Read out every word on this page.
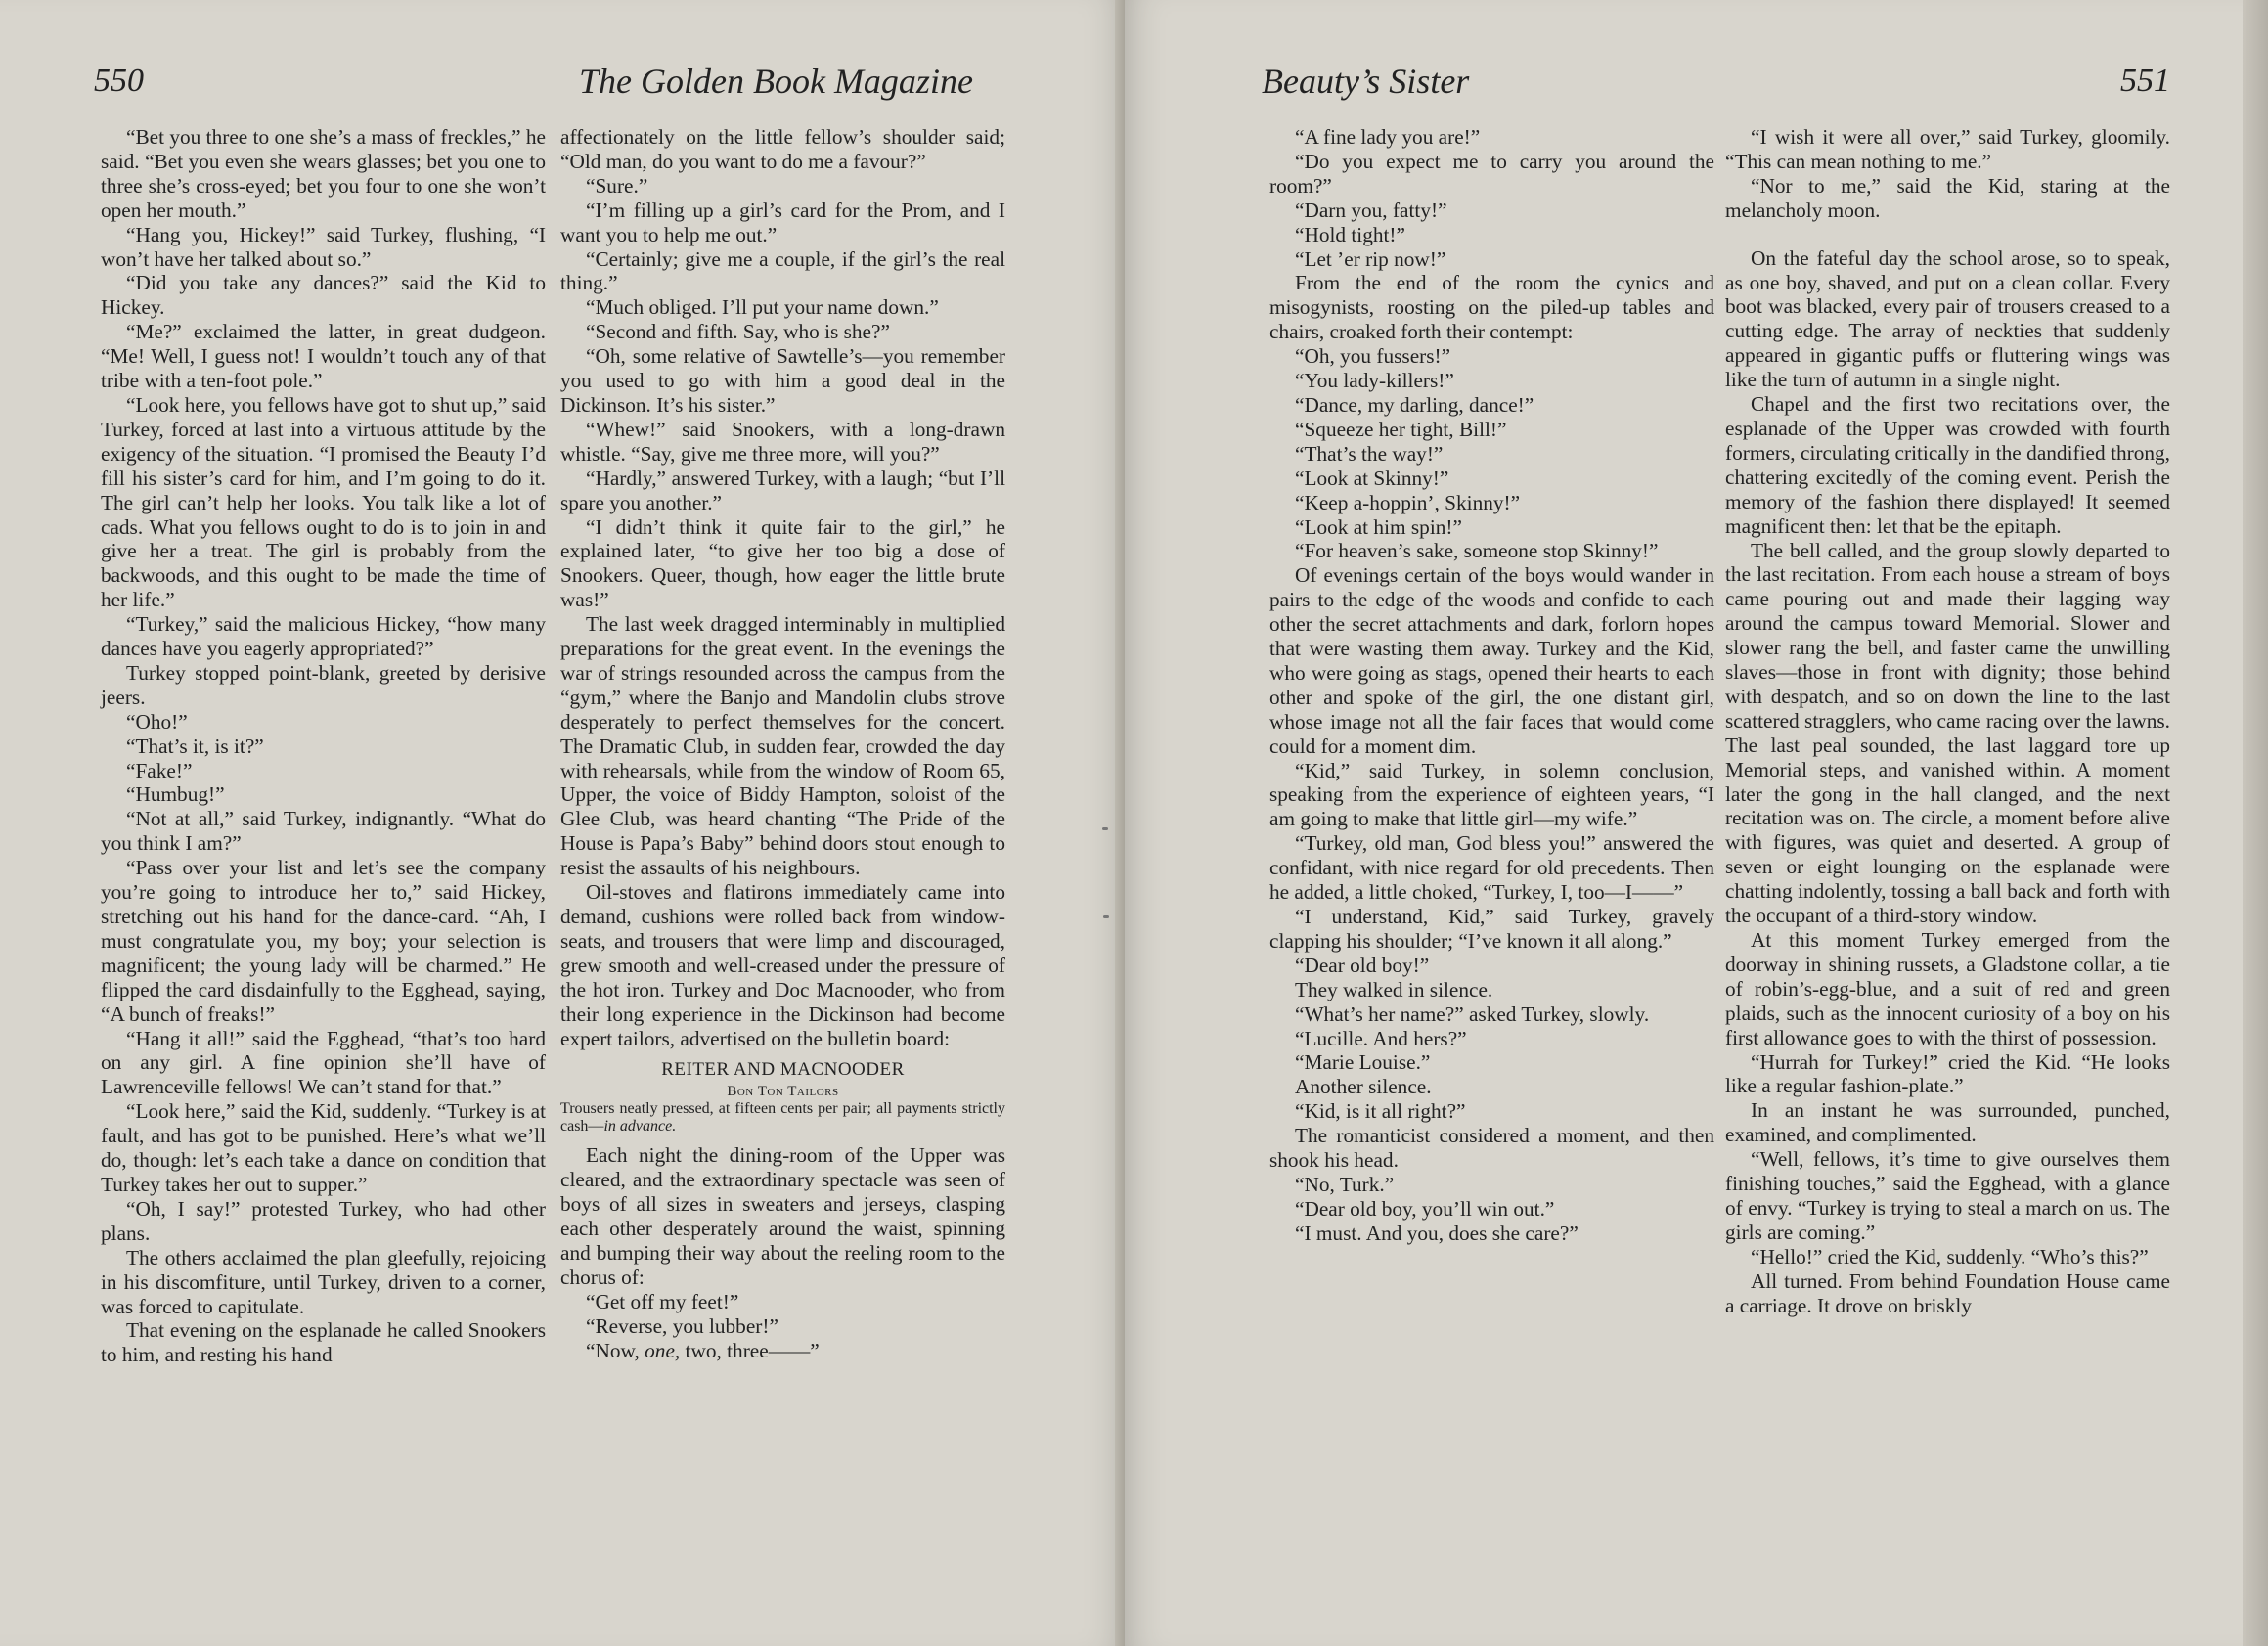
550	The Golden Book Magazine

“Bet you three to one she’s a mass of freckles,” he said. “Bet you even she wears glasses; bet you one to three she’s cross-eyed; bet you four to one she won’t open her mouth.”

“Hang you, Hickey!” said Turkey, flushing, “I won’t have her talked about so.”

“Did you take any dances?” said the Kid to Hickey.

“Me?” exclaimed the latter, in great dudgeon. “Me! Well, I guess not! I wouldn’t touch any of that tribe with a ten-foot pole.”

“Look here, you fellows have got to shut up,” said Turkey, forced at last into a virtuous attitude by the exigency of the situation. “I promised the Beauty I’d fill his sister’s card for him, and I’m going to do it. The girl can’t help her looks. You talk like a lot of cads. What you fellows ought to do is to join in and give her a treat. The girl is probably from the backwoods, and this ought to be made the time of her life.”

“Turkey,” said the malicious Hickey, “how many dances have you eagerly appropriated?”

Turkey stopped point-blank, greeted by derisive jeers.

“Oho!”

“That’s it, is it?”

“Fake!”

“Humbug!”

“Not at all,” said Turkey, indignantly. “What do you think I am?”

“Pass over your list and let’s see the company you’re going to introduce her to,” said Hickey, stretching out his hand for the dance-card. “Ah, I must congratulate you, my boy; your selection is magnificent; the young lady will be charmed.” He flipped the card disdainfully to the Egghead, saying, “A bunch of freaks!”

“Hang it all!” said the Egghead, “that’s too hard on any girl. A fine opinion she’ll have of Lawrenceville fellows! We can’t stand for that.”

“Look here,” said the Kid, suddenly. “Turkey is at fault, and has got to be punished. Here’s what we’ll do, though: let’s each take a dance on condition that Turkey takes her out to supper.”

“Oh, I say!” protested Turkey, who had other plans.

The others acclaimed the plan gleefully, rejoicing in his discomfiture, until Turkey, driven to a corner, was forced to capitulate.

That evening on the esplanade he called Snookers to him, and resting his hand

affectionately on the little fellow’s shoulder said; “Old man, do you want to do me a favour?”

“Sure.”

“I’m filling up a girl’s card for the Prom, and I want you to help me out.”

“Certainly; give me a couple, if the girl’s the real thing.”

“Much obliged. I’ll put your name down.”

“Second and fifth. Say, who is she?”

“Oh, some relative of Sawtelle’s—you remember you used to go with him a good deal in the Dickinson. It’s his sister.”

“Whew!” said Snookers, with a long-drawn whistle. “Say, give me three more, will you?”

“Hardly,” answered Turkey, with a laugh; “but I’ll spare you another.”

“I didn’t think it quite fair to the girl,” he explained later, “to give her too big a dose of Snookers. Queer, though, how eager the little brute was!”

The last week dragged interminably in multiplied preparations for the great event. In the evenings the war of strings resounded across the campus from the “gym,” where the Banjo and Mandolin clubs strove desperately to perfect themselves for the concert. The Dramatic Club, in sudden fear, crowded the day with rehearsals, while from the window of Room 65, Upper, the voice of Biddy Hampton, soloist of the Glee Club, was heard chanting “The Pride of the House is Papa’s Baby” behind doors stout enough to resist the assaults of his neighbours.

Oil-stoves and flatirons immediately came into demand, cushions were rolled back from window-seats, and trousers that were limp and discouraged, grew smooth and well-creased under the pressure of the hot iron. Turkey and Doc Macnooder, who from their long experience in the Dickinson had become expert tailors, advertised on the bulletin board:

REITER AND MACNOODER

Bon Ton Tailors

Trousers neatly pressed, at fifteen cents per pair; all payments strictly cash—in advance.

Each night the dining-room of the Upper was cleared, and the extraordinary spectacle was seen of boys of all sizes in sweaters and jerseys, clasping each other desperately around the waist, spinning and bumping their way about the reeling room to the chorus of:

“Get off my feet!”

“Reverse, you lubber!”

“Now, one, two, three——”

Beauty’s Sister	551

“A fine lady you are!”

“Do you expect me to carry you around the room?”

“Darn you, fatty!”

“Hold tight!”

“Let ’er rip now!”

From the end of the room the cynics and misogynists, roosting on the piled-up tables and chairs, croaked forth their contempt:

“Oh, you fussers!”

“You lady-killers!”

“Dance, my darling, dance!”

“Squeeze her tight, Bill!”

“That’s the way!”

“Look at Skinny!”

“Keep a-hoppin’, Skinny!”

“Look at him spin!”

“For heaven’s sake, someone stop Skinny!”

Of evenings certain of the boys would wander in pairs to the edge of the woods and confide to each other the secret attachments and dark, forlorn hopes that were wasting them away. Turkey and the Kid, who were going as stags, opened their hearts to each other and spoke of the girl, the one distant girl, whose image not all the fair faces that would come could for a moment dim.

“Kid,” said Turkey, in solemn conclusion, speaking from the experience of eighteen years, “I am going to make that little girl—my wife.”

“Turkey, old man, God bless you!” answered the confidant, with nice regard for old precedents. Then he added, a little choked, “Turkey, I, too—I——”

“I understand, Kid,” said Turkey, gravely clapping his shoulder; “I’ve known it all along.”

“Dear old boy!”

They walked in silence.

“What’s her name?” asked Turkey, slowly.

“Lucille. And hers?”

“Marie Louise.”

Another silence.

“Kid, is it all right?”

The romanticist considered a moment, and then shook his head.

“No, Turk.”

“Dear old boy, you’ll win out.”

“I must. And you, does she care?”

“I wish it were all over,” said Turkey, gloomily. “This can mean nothing to me.”

“Nor to me,” said the Kid, staring at the melancholy moon.

On the fateful day the school arose, so to speak, as one boy, shaved, and put on a clean collar. Every boot was blacked, every pair of trousers creased to a cutting edge. The array of neckties that suddenly appeared in gigantic puffs or fluttering wings was like the turn of autumn in a single night.

Chapel and the first two recitations over, the esplanade of the Upper was crowded with fourth formers, circulating critically in the dandified throng, chattering excitedly of the coming event. Perish the memory of the fashion there displayed! It seemed magnificent then: let that be the epitaph.

The bell called, and the group slowly departed to the last recitation. From each house a stream of boys came pouring out and made their lagging way around the campus toward Memorial. Slower and slower rang the bell, and faster came the unwilling slaves—those in front with dignity; those behind with despatch, and so on down the line to the last scattered stragglers, who came racing over the lawns. The last peal sounded, the last laggard tore up Memorial steps, and vanished within. A moment later the gong in the hall clanged, and the next recitation was on. The circle, a moment before alive with figures, was quiet and deserted. A group of seven or eight lounging on the esplanade were chatting indolently, tossing a ball back and forth with the occupant of a third-story window.

At this moment Turkey emerged from the doorway in shining russets, a Gladstone collar, a tie of robin’s-egg-blue, and a suit of red and green plaids, such as the innocent curiosity of a boy on his first allowance goes to with the thirst of possession.

“Hurrah for Turkey!” cried the Kid. “He looks like a regular fashion-plate.”

In an instant he was surrounded, punched, examined, and complimented.

“Well, fellows, it’s time to give ourselves them finishing touches,” said the Egghead, with a glance of envy. “Turkey is trying to steal a march on us. The girls are coming.”

“Hello!” cried the Kid, suddenly. “Who’s this?”

All turned. From behind Foundation House came a carriage. It drove on briskly
